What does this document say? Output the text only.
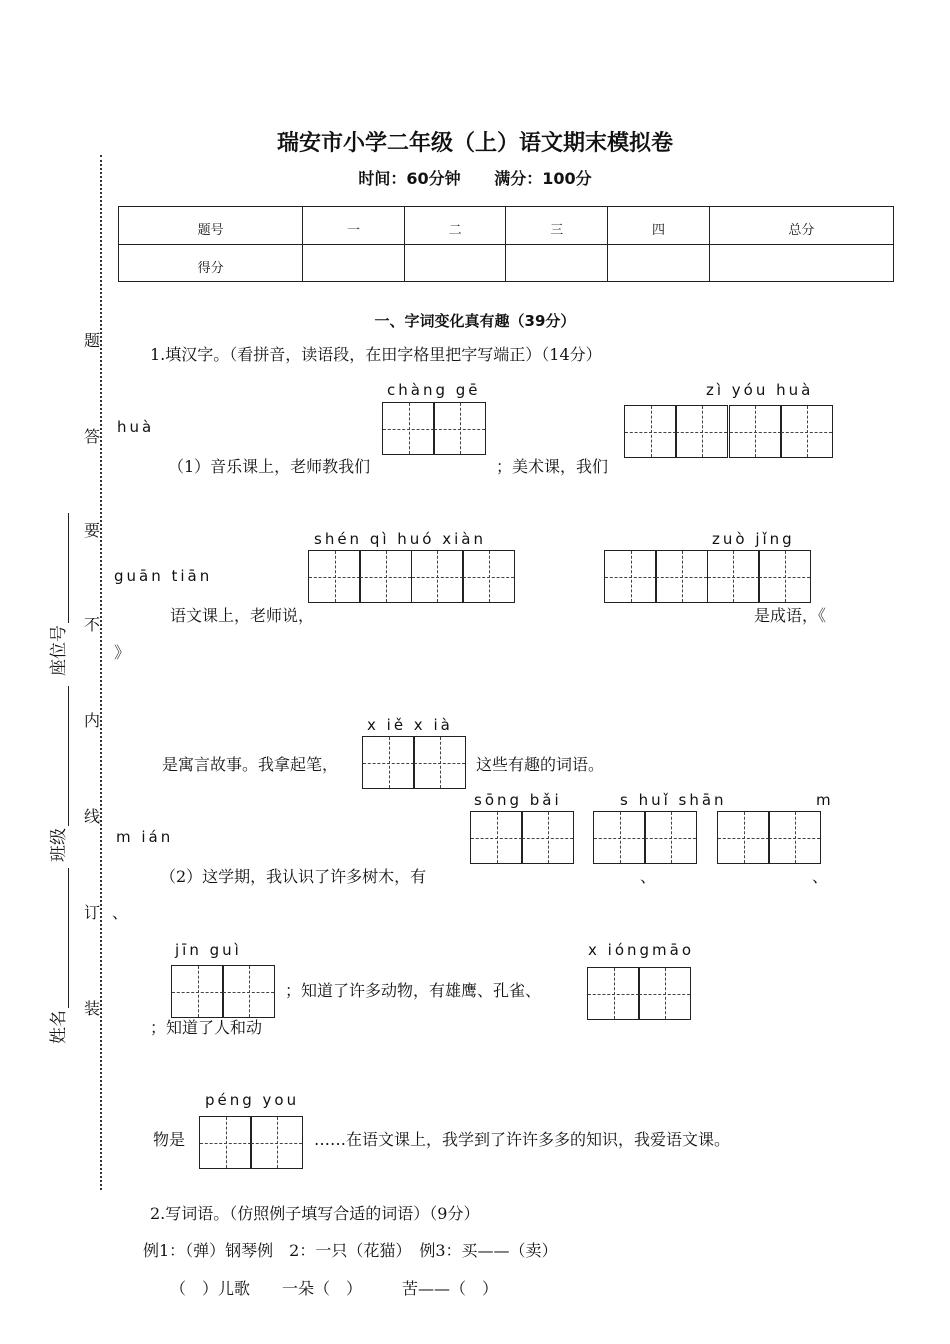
题
答
要
不
内
线
订
装
座位号
班级
姓名
瑞安市小学二年级（上）语文期末模拟卷
时间：60分钟 满分：100分
题号	一	二	三	四	总分
得分					
一、字词变化真有趣（39分）
1.填汉字。（看拼音，读语段，在田字格里把字写端正）（14分）
chàng gē	zì yóu huà
huà
（1）音乐课上，老师教我们	；美术课，我们
shén qì huó xiàn	zuò jǐng
guān tiān
语文课上，老师说，	是成语，《
》
x iě x ià
是寓言故事。我拿起笔，	这些有趣的词语。
sōng bǎi	s huǐ shān	m
m ián
（2）这学期，我认识了许多树木，有	、	、
、
jīn guì	x ióngmāo
；知道了许多动物，有雄鹰、孔雀、
；知道了人和动
péng you
物是	……在语文课上，我学到了许许多多的知识，我爱语文课。
2.写词语。（仿照例子填写合适的词语）（9分）
例1：（弹）钢琴例　2：一只（花猫）　例3：买——（卖）
（　）儿歌　　一朵（　）　　　苦——（　）
